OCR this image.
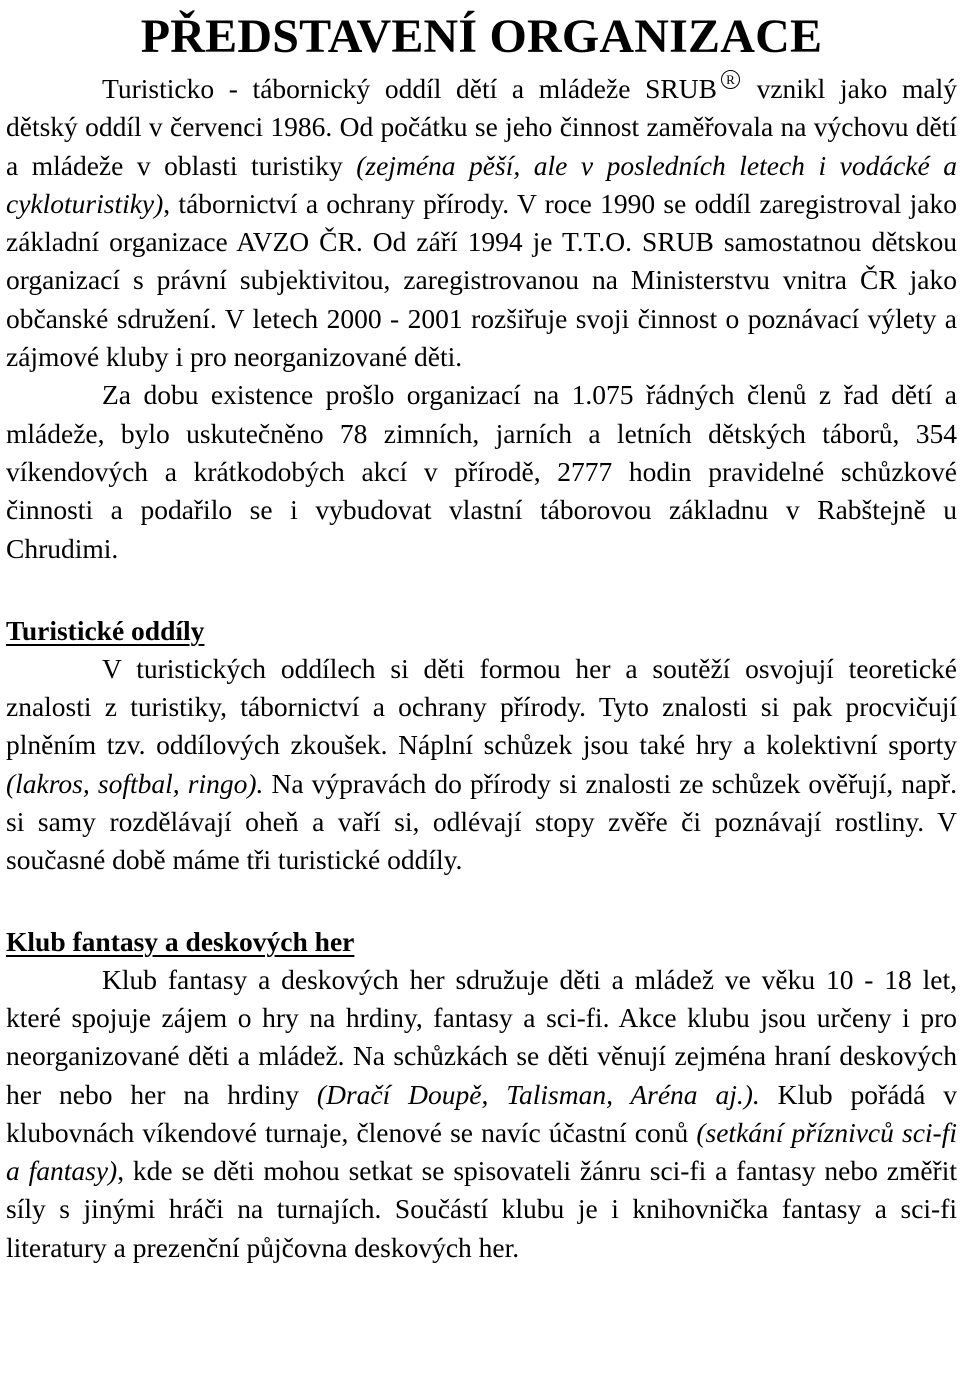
PŘEDSTAVENÍ ORGANIZACE

Turisticko - tábornický oddíl dětí a mládeže SRUB R vznikl jako malý dětský oddíl v červenci 1986. Od počátku se jeho činnost zaměřovala na výchovu dětí a mládeže v oblasti turistiky (zejména pěší, ale v posledních letech i vodácké a cykloturistiky), tábornictví a ochrany přírody. V roce 1990 se oddíl zaregistroval jako základní organizace AVZO ČR. Od září 1994 je T.T.O. SRUB samostatnou dětskou organizací s právní subjektivitou, zaregistrovanou na Ministerstvu vnitra ČR jako občanské sdružení. V letech 2000 - 2001 rozšiřuje svoji činnost o poznávací výlety a zájmové kluby i pro neorganizované děti.

Za dobu existence prošlo organizací na 1.075 řádných členů z řad dětí a mládeže, bylo uskutečněno 78 zimních, jarních a letních dětských táborů, 354 víkendových a krátkodobých akcí v přírodě, 2777 hodin pravidelné schůzkové činnosti a podařilo se i vybudovat vlastní táborovou základnu v Rabštejně u Chrudimi.

Turistické oddíly

V turistických oddílech si děti formou her a soutěží osvojují teoretické znalosti z turistiky, tábornictví a ochrany přírody. Tyto znalosti si pak procvičují plněním tzv. oddílových zkoušek. Náplní schůzek jsou také hry a kolektivní sporty (lakros, softbal, ringo). Na výpravách do přírody si znalosti ze schůzek ověřují, např. si samy rozdělávají oheň a vaří si, odlévají stopy zvěře či poznávají rostliny. V současné době máme tři turistické oddíly.

Klub fantasy a deskových her

Klub fantasy a deskových her sdružuje děti a mládež ve věku 10 - 18 let, které spojuje zájem o hry na hrdiny, fantasy a sci-fi. Akce klubu jsou určeny i pro neorganizované děti a mládež. Na schůzkách se děti věnují zejména hraní deskových her nebo her na hrdiny (Dračí Doupě, Talisman, Aréna aj.). Klub pořádá v klubovnách víkendové turnaje, členové se navíc účastní conů (setkání příznivců sci-fi a fantasy), kde se děti mohou setkat se spisovateli žánru sci-fi a fantasy nebo změřit síly s jinými hráči na turnajích. Součástí klubu je i knihovnička fantasy a sci-fi literatury a prezenční půjčovna deskových her.
